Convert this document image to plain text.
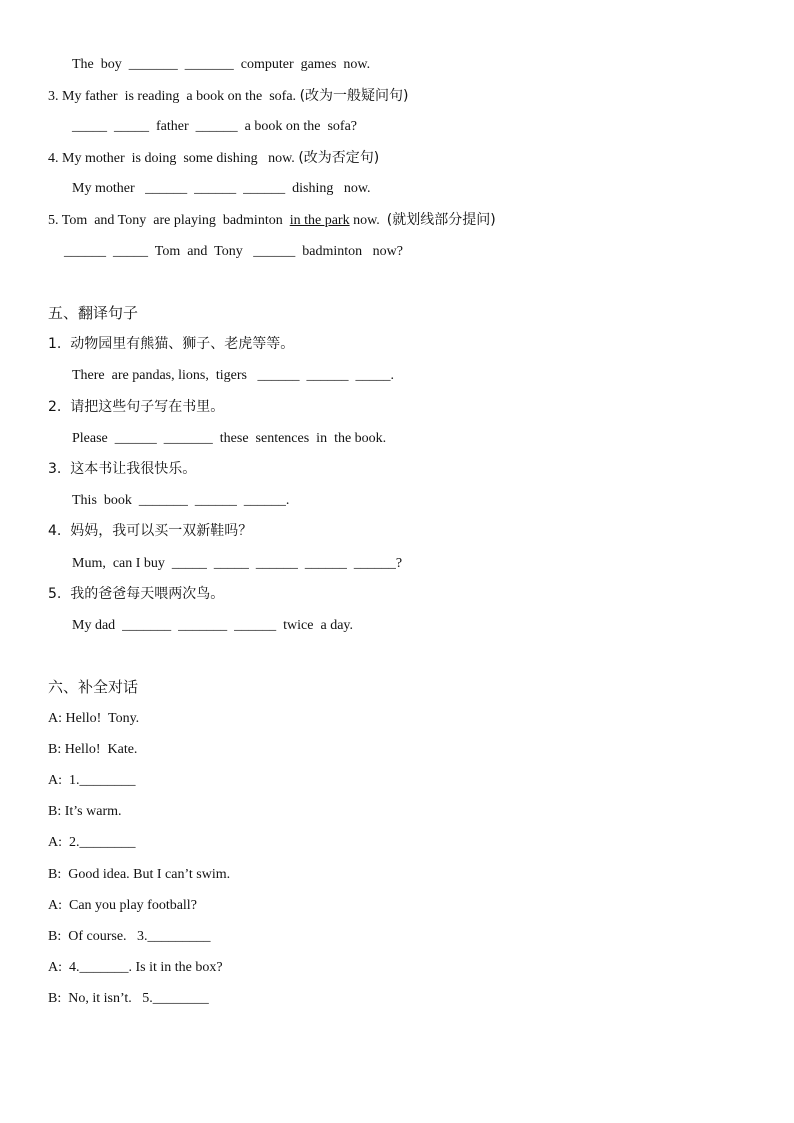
The  boy  _______  _______  computer  games  now.
3. My father  is reading  a book on the  sofa. (改为一般疑问句)
_____  _____  father  ______  a book on the  sofa?
4. My mother  is doing  some dishing   now. (改为否定句)
My mother   ______  ______  ______  dishing   now.
5. Tom  and Tony  are playing  badminton  in the park now.  (就划线部分提问)
______  _____  Tom  and  Tony   ______  badminton   now?
五、翻译句子
1.  动物园里有熊猫、狮子、老虎等等。
There  are pandas, lions,  tigers   ______  ______  _____.
2.  请把这些句子写在书里。
Please  ______  _______  these  sentences  in  the book.
3.  这本书让我很快乐。
This  book  _______  ______  ______.
4.  妈妈，我可以买一双新鞋吗？
Mum,  can I buy  _____  _____  ______  ______  ______?
5.  我的爸爸每天喂两次鸟。
My dad  _______  _______  ______  twice  a day.
六、补全对话
A: Hello!  Tony.
B: Hello!  Kate.
A:  1.________
B: It’s warm.
A:  2.________
B:  Good idea. But I can’t swim.
A:  Can you play football?
B:  Of course.   3._________
A:  4._______. Is it in the box?
B:  No, it isn’t.   5.________
